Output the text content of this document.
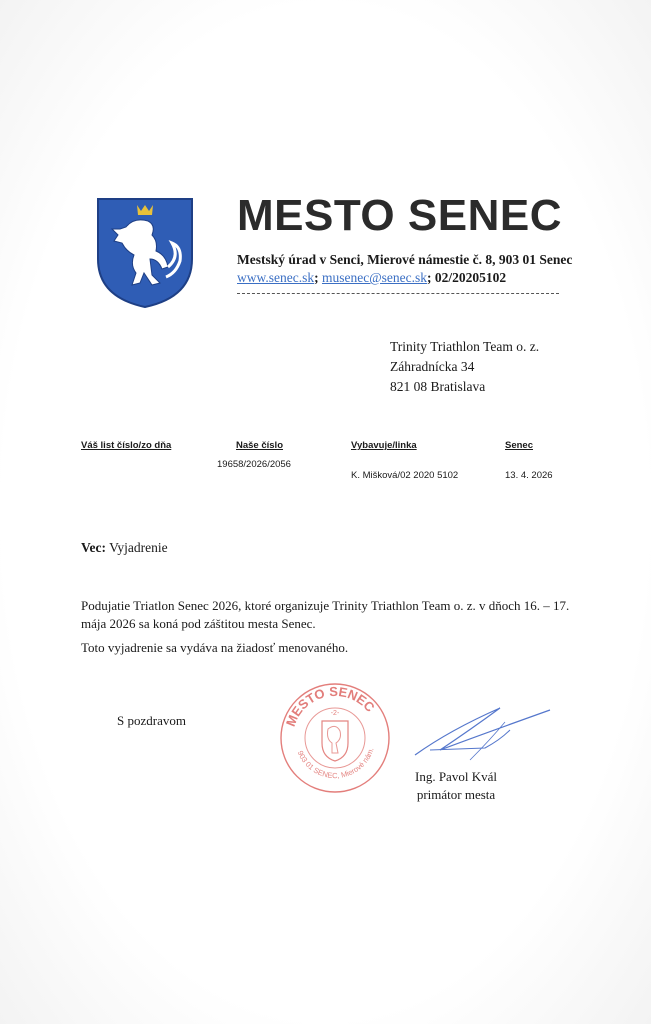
MESTO SENEC
Mestský úrad v Senci, Mierové námestie č. 8, 903 01 Senec
www.senec.sk; musenec@senec.sk; 02/20205102
Trinity Triathlon Team o. z.
Záhradnícka 34
821 08 Bratislava
Váš list číslo/zo dňa	Naše číslo
19658/2026/2056
Vybavuje/linka
K. Mišková/02 2020 5102
Senec
13. 4. 2026
Vec: Vyjadrenie
Podujatie Triatlon Senec 2026, ktoré organizuje Trinity Triathlon Team o. z. v dňoch 16. – 17. mája 2026 sa koná pod záštitou mesta Senec.
Toto vyjadrenie sa vydáva na žiadosť menovaného.
S pozdravom	MESTO SENEC
-2-
903 01 SENEC, Mierové nám.
Ing. Pavol Kvál
primátor mesta
